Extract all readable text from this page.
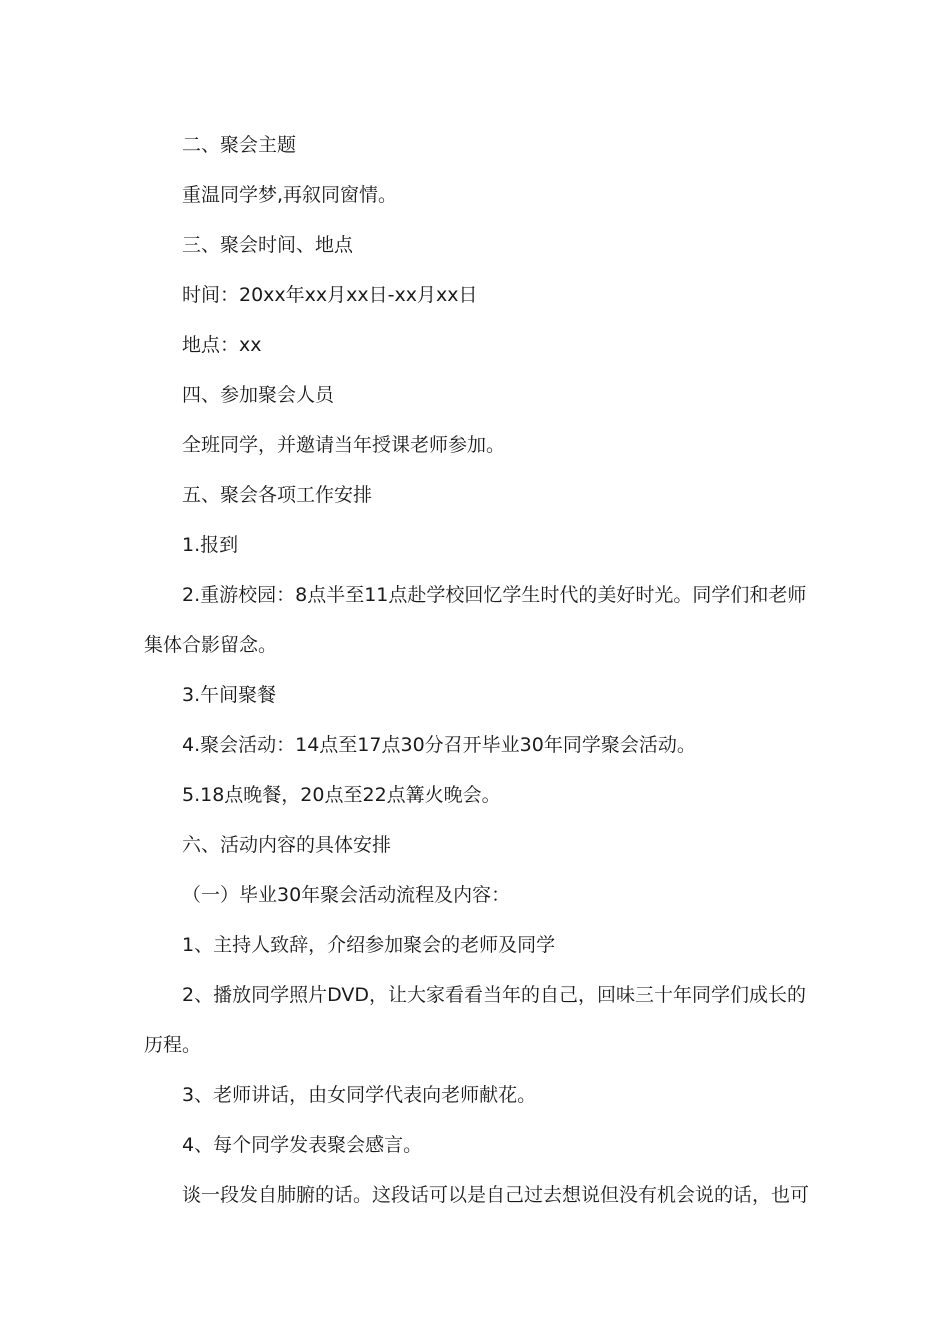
二、聚会主题

重温同学梦,再叙同窗情。

三、聚会时间、地点

时间：20xx年xx月xx日-xx月xx日

地点：xx

四、参加聚会人员

全班同学，并邀请当年授课老师参加。

五、聚会各项工作安排

1.报到

2.重游校园：8点半至11点赴学校回忆学生时代的美好时光。同学们和老师集体合影留念。

3.午间聚餐

4.聚会活动：14点至17点30分召开毕业30年同学聚会活动。

5.18点晚餐，20点至22点篝火晚会。

六、活动内容的具体安排

（一）毕业30年聚会活动流程及内容：

1、主持人致辞，介绍参加聚会的老师及同学

2、播放同学照片DVD，让大家看看当年的自己，回味三十年同学们成长的历程。

3、老师讲话，由女同学代表向老师献花。

4、每个同学发表聚会感言。

谈一段发自肺腑的话。这段话可以是自己过去想说但没有机会说的话，也可
